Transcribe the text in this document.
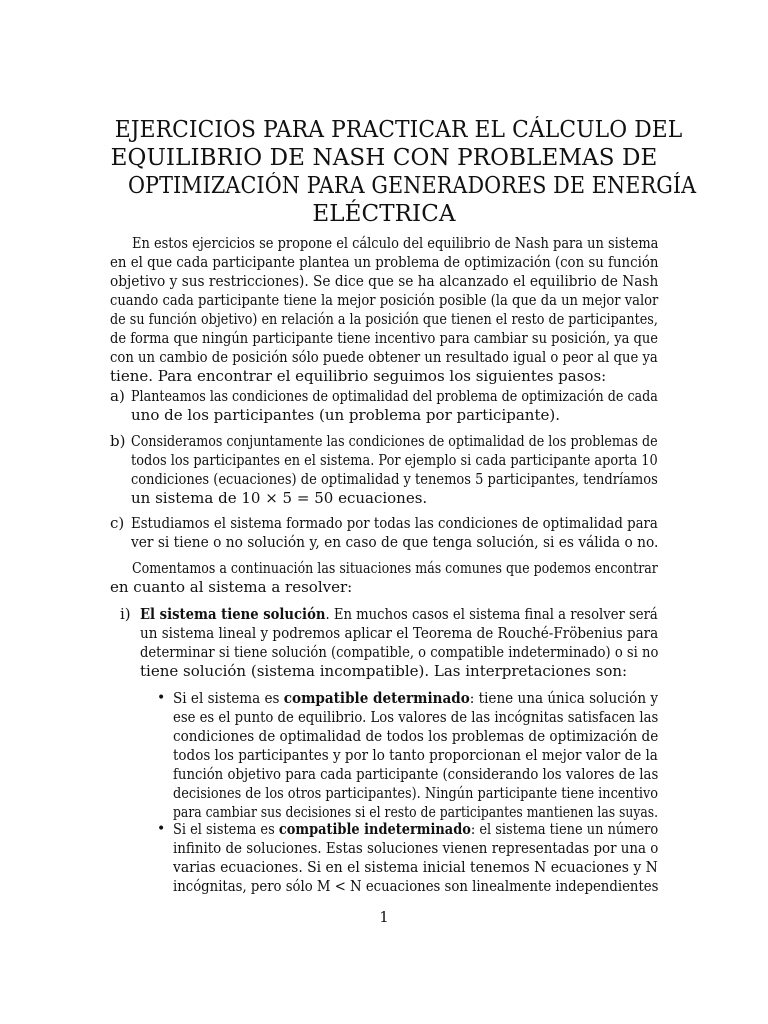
EJERCICIOS PARA PRACTICAR EL CÁLCULO DEL
EQUILIBRIO DE NASH CON PROBLEMAS DE
OPTIMIZACIÓN PARA GENERADORES DE ENERGÍA
ELÉCTRICA
En estos ejercicios se propone el cálculo del equilibrio de Nash para un sistema
en el que cada participante plantea un problema de optimización (con su función
objetivo y sus restricciones). Se dice que se ha alcanzado el equilibrio de Nash
cuando cada participante tiene la mejor posición posible (la que da un mejor valor
de su función objetivo) en relación a la posición que tienen el resto de participantes,
de forma que ningún participante tiene incentivo para cambiar su posición, ya que
con un cambio de posición sólo puede obtener un resultado igual o peor al que ya
tiene. Para encontrar el equilibrio seguimos los siguientes pasos:
a) Planteamos las condiciones de optimalidad del problema de optimización de cada
uno de los participantes (un problema por participante).
b) Consideramos conjuntamente las condiciones de optimalidad de los problemas de
todos los participantes en el sistema. Por ejemplo si cada participante aporta 10
condiciones (ecuaciones) de optimalidad y tenemos 5 participantes, tendríamos
un sistema de 10 × 5 = 50 ecuaciones.
c) Estudiamos el sistema formado por todas las condiciones de optimalidad para
ver si tiene o no solución y, en caso de que tenga solución, si es válida o no.
Comentamos a continuación las situaciones más comunes que podemos encontrar
en cuanto al sistema a resolver:
i) El sistema tiene solución. En muchos casos el sistema final a resolver será
un sistema lineal y podremos aplicar el Teorema de Rouché-Fröbenius para
determinar si tiene solución (compatible, o compatible indeterminado) o si no
tiene solución (sistema incompatible). Las interpretaciones son:
• Si el sistema es compatible determinado: tiene una única solución y
ese es el punto de equilibrio. Los valores de las incógnitas satisfacen las
condiciones de optimalidad de todos los problemas de optimización de
todos los participantes y por lo tanto proporcionan el mejor valor de la
función objetivo para cada participante (considerando los valores de las
decisiones de los otros participantes). Ningún participante tiene incentivo
para cambiar sus decisiones si el resto de participantes mantienen las suyas.
• Si el sistema es compatible indeterminado: el sistema tiene un número
infinito de soluciones. Estas soluciones vienen representadas por una o
varias ecuaciones. Si en el sistema inicial tenemos N ecuaciones y N
incógnitas, pero sólo M < N ecuaciones son linealmente independientes
1
